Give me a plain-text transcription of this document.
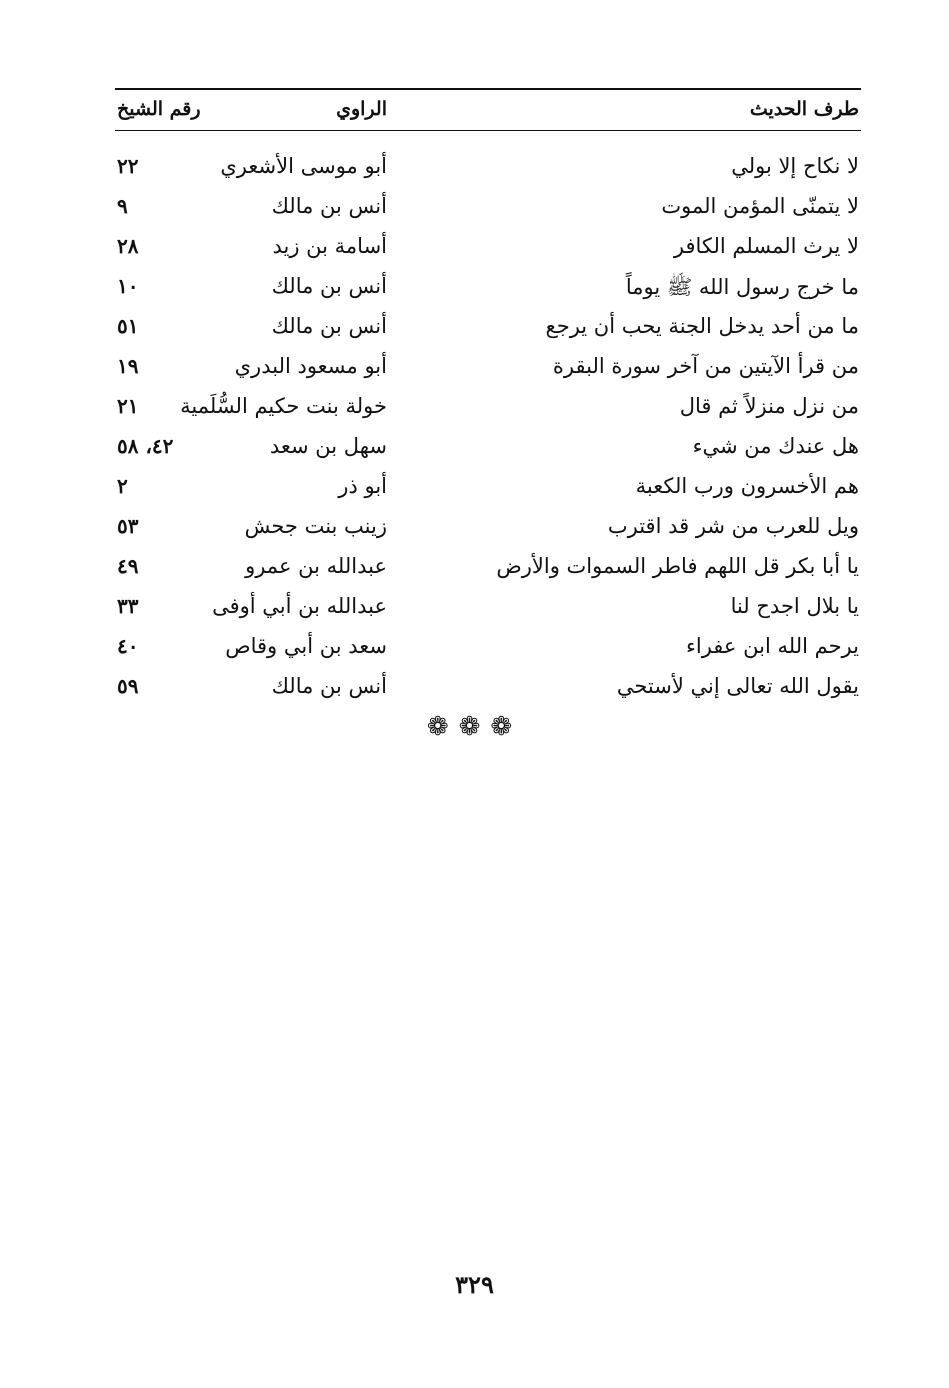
طرف الحديث
الراوي
رقم الشيخ
لا نكاح إلا بولي
أبو موسى الأشعري
٢٢
لا يتمنّى المؤمن الموت
أنس بن مالك
٩
لا يرث المسلم الكافر
أسامة بن زيد
٢٨
ما خرج رسول الله ﷺ يوماً
أنس بن مالك
١٠
ما من أحد يدخل الجنة يحب أن يرجع
أنس بن مالك
٥١
من قرأ الآيتين من آخر سورة البقرة
أبو مسعود البدري
١٩
من نزل منزلاً ثم قال
خولة بنت حكيم السُّلَمية
٢١
هل عندك من شيء
سهل بن سعد
٤٢، ٥٨
هم الأخسرون ورب الكعبة
أبو ذر
٢
ويل للعرب من شر قد اقترب
زينب بنت جحش
٥٣
يا أبا بكر قل اللهم فاطر السموات والأرض
عبدالله بن عمرو
٤٩
يا بلال اجدح لنا
عبدالله بن أبي أوفى
٣٣
يرحم الله ابن عفراء
سعد بن أبي وقاص
٤٠
يقول الله تعالى إني لأستحي
أنس بن مالك
٥٩
❁❁❁
٣٢٩
